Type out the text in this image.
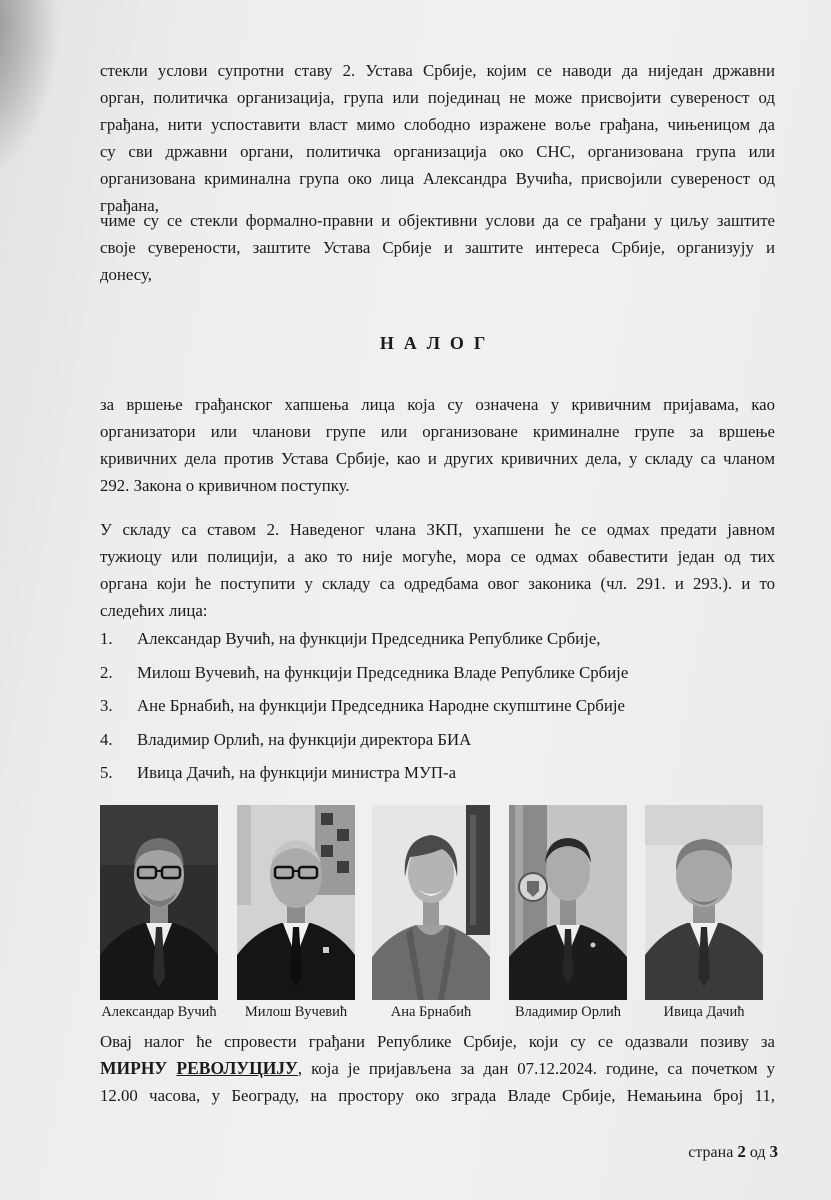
стекли услови супротни ставу 2. Устава Србије, којим се наводи да ниједан државни
орган, политичка организација, група или појединац не може присвојити сувереност од
грађана, нити успоставити власт мимо слободно изражене воље грађана, чињеницом да
су сви државни органи, политичка организација око СНС, организована група или
организована криминална група око лица Александра Вучића, присвојили сувереност од
грађана,
чиме су се стекли формално-правни и објективни услови да се грађани у циљу заштите
своје суверености, заштите Устава Србије и заштите интереса Србије, организују и
донесу,
НАЛОГ
за вршење грађанског хапшења лица која су означена у кривичним пријавама, као
организатори или чланови групе или организоване криминалне групе за вршење
кривичних дела против Устава Србије, као и других кривичних дела, у складу са чланом
292. Закона о кривичном поступку.
У складу са ставом 2. Наведеног члана ЗКП, ухапшени ће се одмах предати јавном
тужиоцу или полицији, а ако то није могуће, мора се одмах обавестити један од тих
органа који ће поступити у складу са одредбама овог законика (чл. 291. и 293.). и то
следећих лица:
1. Александар Вучић, на функцији Председника Републике Србије,
2. Милош Вучевић, на функцији Председника Владе Републике Србије
3. Ане Брнабић, на функцији Председника Народне скупштине Србије
4. Владимир Орлић, на функцији директора БИА
5. Ивица Дачић, на функцији министра МУП-а
Александар Вучић	Милош Вучевић	Ана Брнабић	Владимир Орлић	Ивица Дачић
Овај налог ће спровести грађани Републике Србије, који су се одазвали позиву за
МИРНУ РЕВОЛУЦИЈУ, која је пријављена за дан 07.12.2024. године, са почетком у
12.00 часова, у Београду, на простору око зграда Владе Србије, Немањина број 11,
страна 2 од 3
